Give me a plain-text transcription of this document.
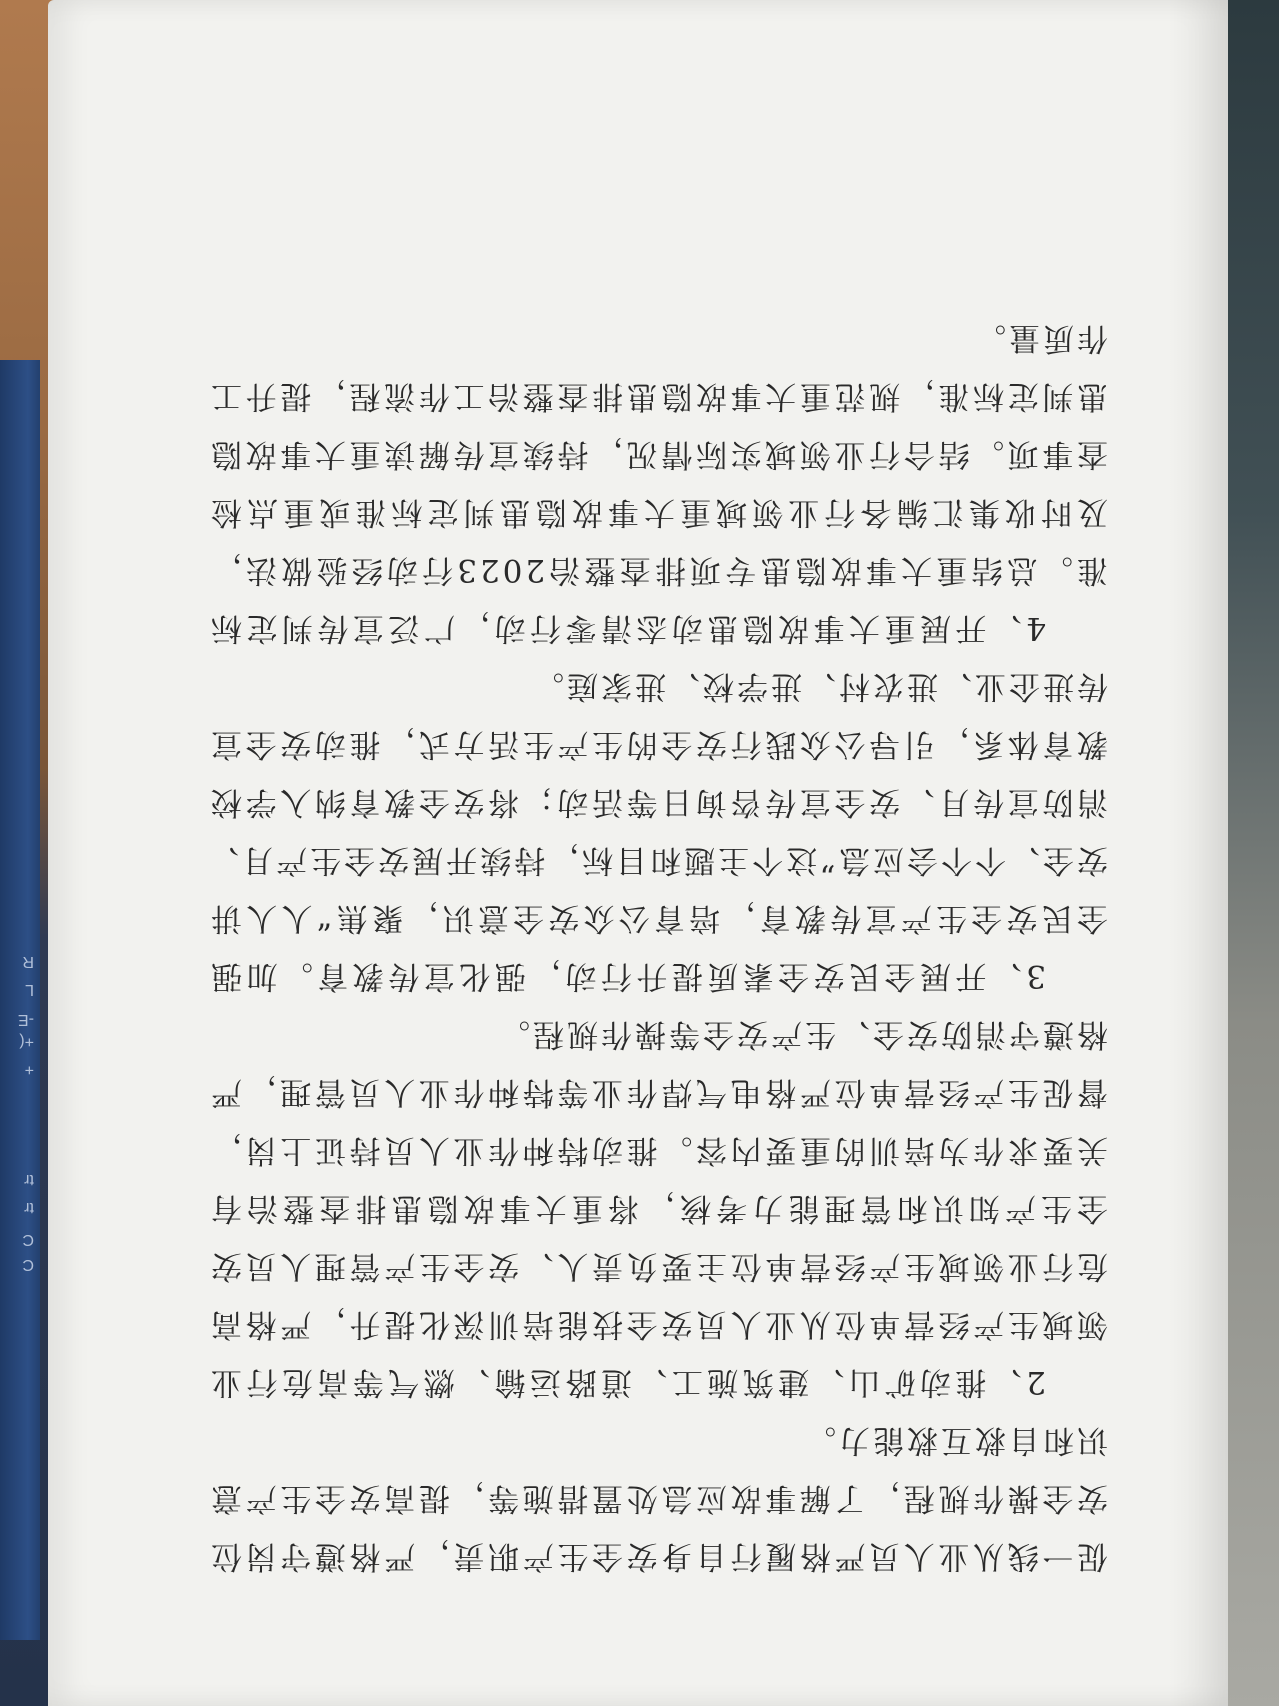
C
C
tr
tr
+
+(
-E
L
R

促一线从业人员严格履行自身安全生产职责，严格遵守岗位

安全操作规程，了解事故应急处置措施等，提高安全生产意

识和自救互救能力。

2、推动矿山、建筑施工、道路运输、燃气等高危行业

领域生产经营单位从业人员安全技能培训深化提升，严格高

危行业领域生产经营单位主要负责人、安全生产管理人员安

全生产知识和管理能力考核，将重大事故隐患排查整治有

关要求作为培训的重要内容。推动特种作业人员持证上岗，

督促生产经营单位严格电气焊作业等特种作业人员管理，严

格遵守消防安全、生产安全等操作规程。

3、开展全民安全素质提升行动，强化宣传教育。加强

全民安全生产宣传教育，培育公众安全意识，聚焦“人人讲

安全、个个会应急”这个主题和目标，持续开展安全生产月、

消防宣传月、安全宣传咨询日等活动；将安全教育纳入学校

教育体系，引导公众践行安全的生产生活方式，推动安全宣

传进企业、进农村、进学校、进家庭。

4、开展重大事故隐患动态清零行动，广泛宣传判定标

准。总结重大事故隐患专项排查整治2023行动经验做法，

及时收集汇编各行业领域重大事故隐患判定标准或重点检

查事项。结合行业领域实际情况，持续宣传解读重大事故隐

患判定标准，规范重大事故隐患排查整治工作流程，提升工

作质量。
